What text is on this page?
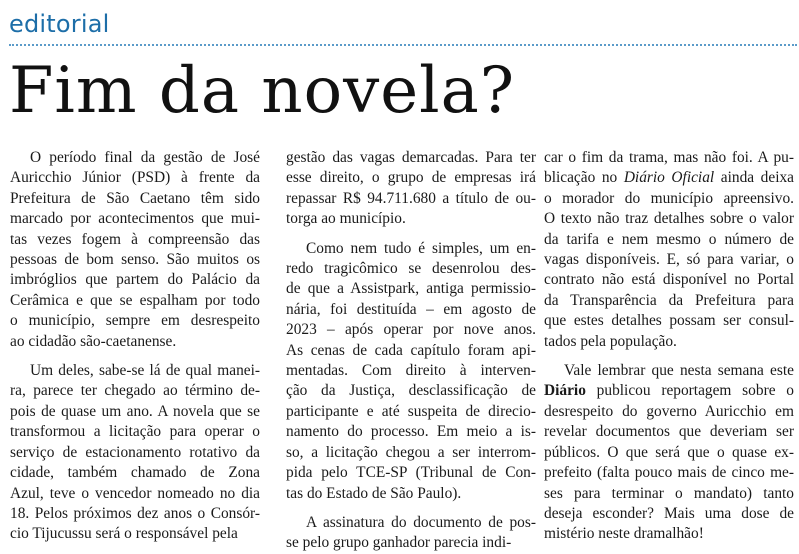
editorial
Fim da novela?

O período final da gestão de José
Auricchio Júnior (PSD) à frente da
Prefeitura de São Caetano têm sido
marcado por acontecimentos que mui-
tas vezes fogem à compreensão das
pessoas de bom senso. São muitos os
imbróglios que partem do Palácio da
Cerâmica e que se espalham por todo
o município, sempre em desrespeito
ao cidadão são-caetanense.

Um deles, sabe-se lá de qual manei-
ra, parece ter chegado ao término de-
pois de quase um ano. A novela que se
transformou a licitação para operar o
serviço de estacionamento rotativo da
cidade, também chamado de Zona
Azul, teve o vencedor nomeado no dia
18. Pelos próximos dez anos o Consór-
cio Tijucussu será o responsável pela

gestão das vagas demarcadas. Para ter
esse direito, o grupo de empresas irá
repassar R$ 94.711.680 a título de ou-
torga ao município.

Como nem tudo é simples, um en-
redo tragicômico se desenrolou des-
de que a Assistpark, antiga permissio-
nária, foi destituída – em agosto de
2023 – após operar por nove anos.
As cenas de cada capítulo foram api-
mentadas. Com direito à interven-
ção da Justiça, desclassificação de
participante e até suspeita de direcio-
namento do processo. Em meio a is-
so, a licitação chegou a ser interrom-
pida pelo TCE-SP (Tribunal de Con-
tas do Estado de São Paulo).

A assinatura do documento de pos-
se pelo grupo ganhador parecia indi-

car o fim da trama, mas não foi. A pu-
blicação no Diário Oficial ainda deixa
o morador do município apreensivo.
O texto não traz detalhes sobre o valor
da tarifa e nem mesmo o número de
vagas disponíveis. E, só para variar, o
contrato não está disponível no Portal
da Transparência da Prefeitura para
que estes detalhes possam ser consul-
tados pela população.

Vale lembrar que nesta semana este
Diário publicou reportagem sobre o
desrespeito do governo Auricchio em
revelar documentos que deveriam ser
públicos. O que será que o quase ex-
prefeito (falta pouco mais de cinco me-
ses para terminar o mandato) tanto
deseja esconder? Mais uma dose de
mistério neste dramalhão!
